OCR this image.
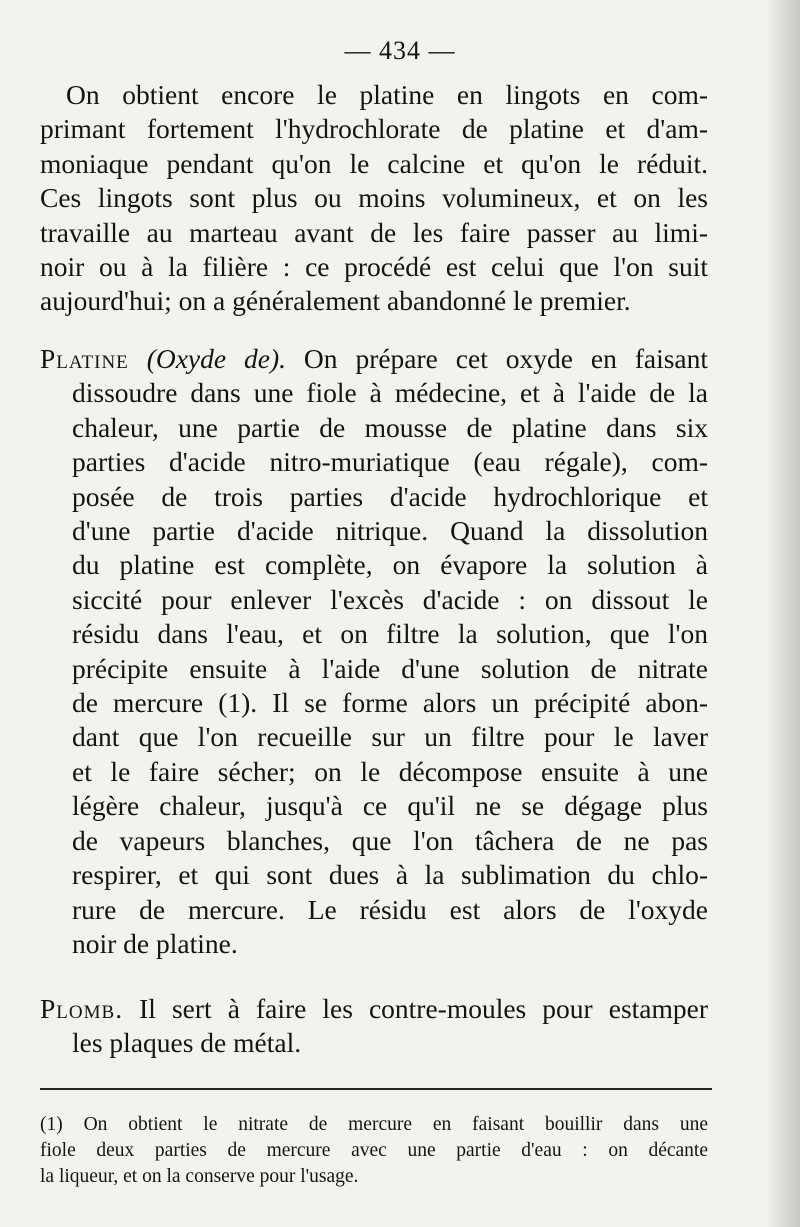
— 434 —
On obtient encore le platine en lingots en com-
primant fortement l'hydrochlorate de platine et d'am-
moniaque pendant qu'on le calcine et qu'on le réduit.
Ces lingots sont plus ou moins volumineux, et on les
travaille au marteau avant de les faire passer au limi-
noir ou à la filière : ce procédé est celui que l'on suit
aujourd'hui; on a généralement abandonné le premier.
Platine (Oxyde de). On prépare cet oxyde en faisant
dissoudre dans une fiole à médecine, et à l'aide de la
chaleur, une partie de mousse de platine dans six
parties d'acide nitro-muriatique (eau régale), com-
posée de trois parties d'acide hydrochlorique et
d'une partie d'acide nitrique. Quand la dissolution
du platine est complète, on évapore la solution à
siccité pour enlever l'excès d'acide : on dissout le
résidu dans l'eau, et on filtre la solution, que l'on
précipite ensuite à l'aide d'une solution de nitrate
de mercure (1). Il se forme alors un précipité abon-
dant que l'on recueille sur un filtre pour le laver
et le faire sécher; on le décompose ensuite à une
légère chaleur, jusqu'à ce qu'il ne se dégage plus
de vapeurs blanches, que l'on tâchera de ne pas
respirer, et qui sont dues à la sublimation du chlo-
rure de mercure. Le résidu est alors de l'oxyde
noir de platine.
Plomb. Il sert à faire les contre-moules pour estamper
les plaques de métal.
(1) On obtient le nitrate de mercure en faisant bouillir dans une
fiole deux parties de mercure avec une partie d'eau : on décante
la liqueur, et on la conserve pour l'usage.
